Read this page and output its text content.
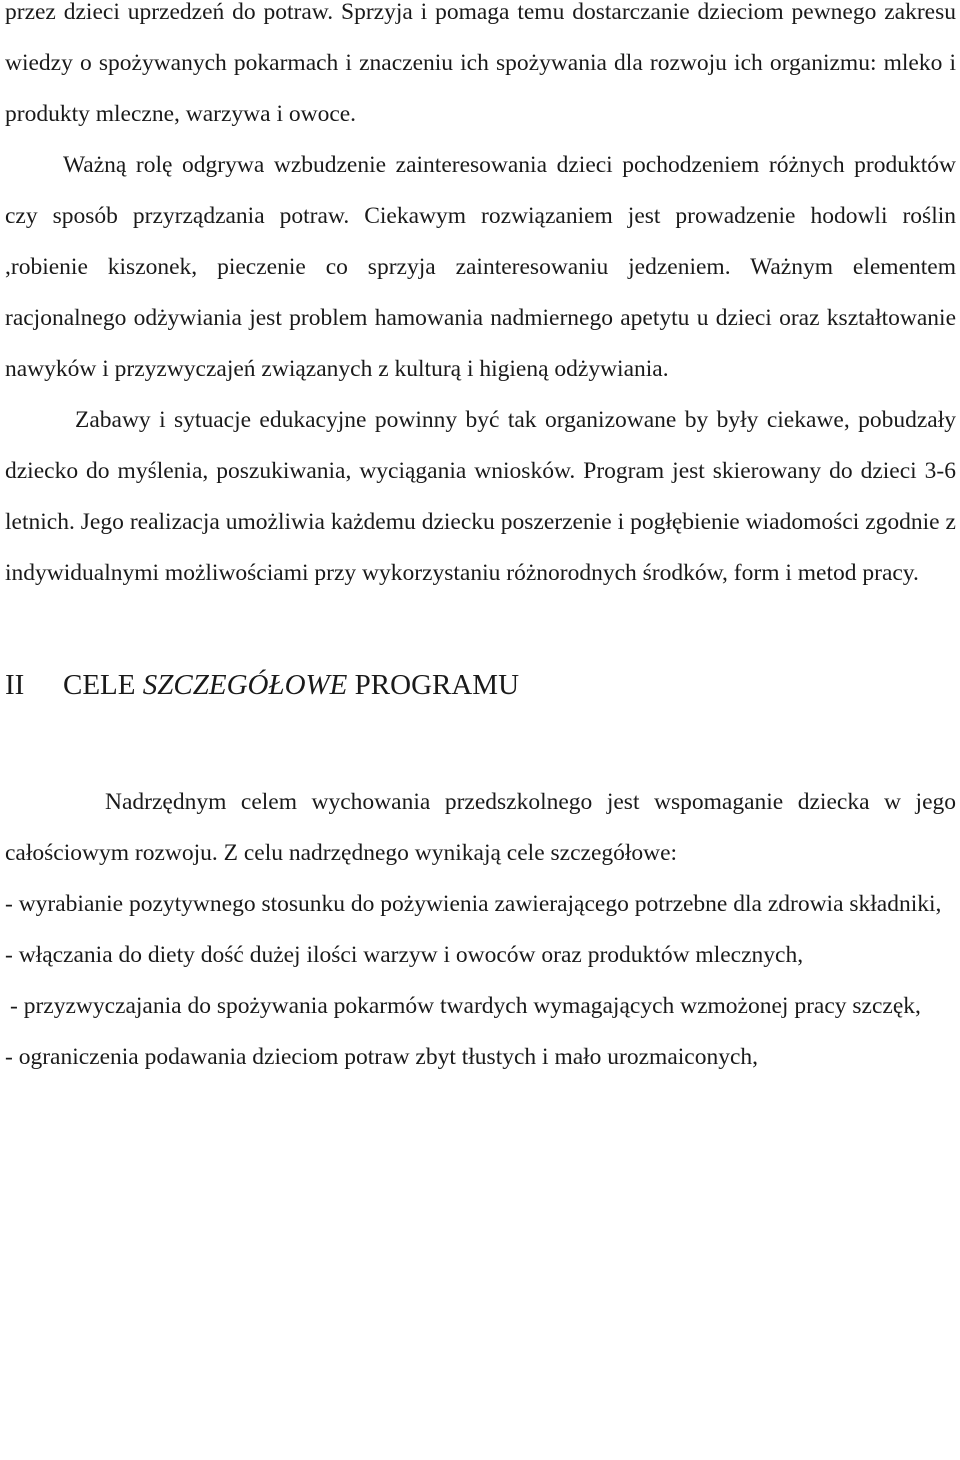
przez dzieci uprzedzeń do potraw. Sprzyja i pomaga temu dostarczanie dzieciom pewnego zakresu wiedzy o spożywanych pokarmach i znaczeniu ich spożywania dla rozwoju ich organizmu: mleko i produkty mleczne, warzywa i owoce.

Ważną rolę odgrywa wzbudzenie zainteresowania dzieci pochodzeniem różnych produktów czy sposób przyrządzania potraw. Ciekawym rozwiązaniem jest prowadzenie hodowli roślin ,robienie kiszonek, pieczenie co sprzyja zainteresowaniu jedzeniem. Ważnym elementem racjonalnego odżywiania jest problem hamowania nadmiernego apetytu u dzieci oraz kształtowanie nawyków i przyzwyczajeń związanych z kulturą i higieną odżywiania.

Zabawy i sytuacje edukacyjne powinny być tak organizowane by były ciekawe, pobudzały dziecko do myślenia, poszukiwania, wyciągania wniosków. Program jest skierowany do dzieci 3-6 letnich. Jego realizacja umożliwia każdemu dziecku poszerzenie i pogłębienie wiadomości zgodnie z indywidualnymi możliwościami przy wykorzystaniu różnorodnych środków, form i metod pracy.

II CELE SZCZEGÓŁOWE PROGRAMU

Nadrzędnym celem wychowania przedszkolnego jest wspomaganie dziecka w jego całościowym rozwoju. Z celu nadrzędnego wynikają cele szczegółowe:

- wyrabianie pozytywnego stosunku do pożywienia zawierającego potrzebne dla zdrowia składniki,

- włączania do diety dość dużej ilości warzyw i owoców oraz produktów mlecznych,

- przyzwyczajania do spożywania pokarmów twardych wymagających wzmożonej pracy szczęk,

- ograniczenia podawania dzieciom potraw zbyt tłustych i mało urozmaiconych,
